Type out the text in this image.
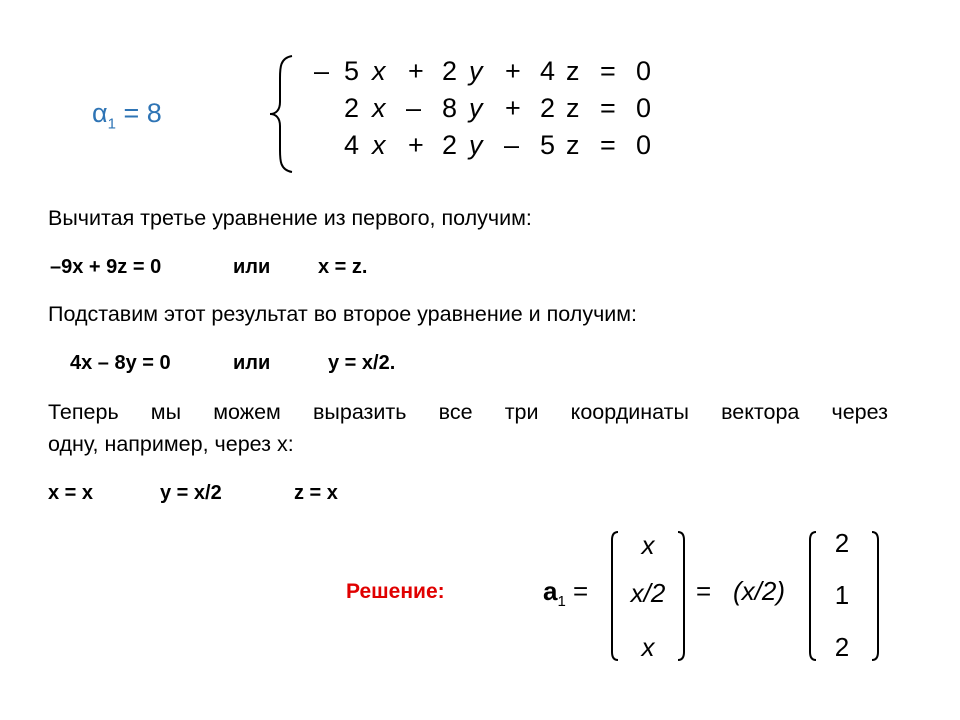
$\alpha_1 = 8$
– 5 x + 2 y + 4 z = 0
2 x – 8 y + 2 z = 0
4 x + 2 y – 5 z = 0
Вычитая третье уравнение из первого, получим:
–9x + 9z = 0	или x = z.
Подставим этот результат во второе уравнение и получим:
4x – 8y = 0	или	y = x/2.
Теперь мы можем выразить все три координаты вектора через
одну, например, через x:
x = x	y = x/2	z = x
Решение:	$a_1$ =
x
x/2
x
= (x/2)
2
1
2
